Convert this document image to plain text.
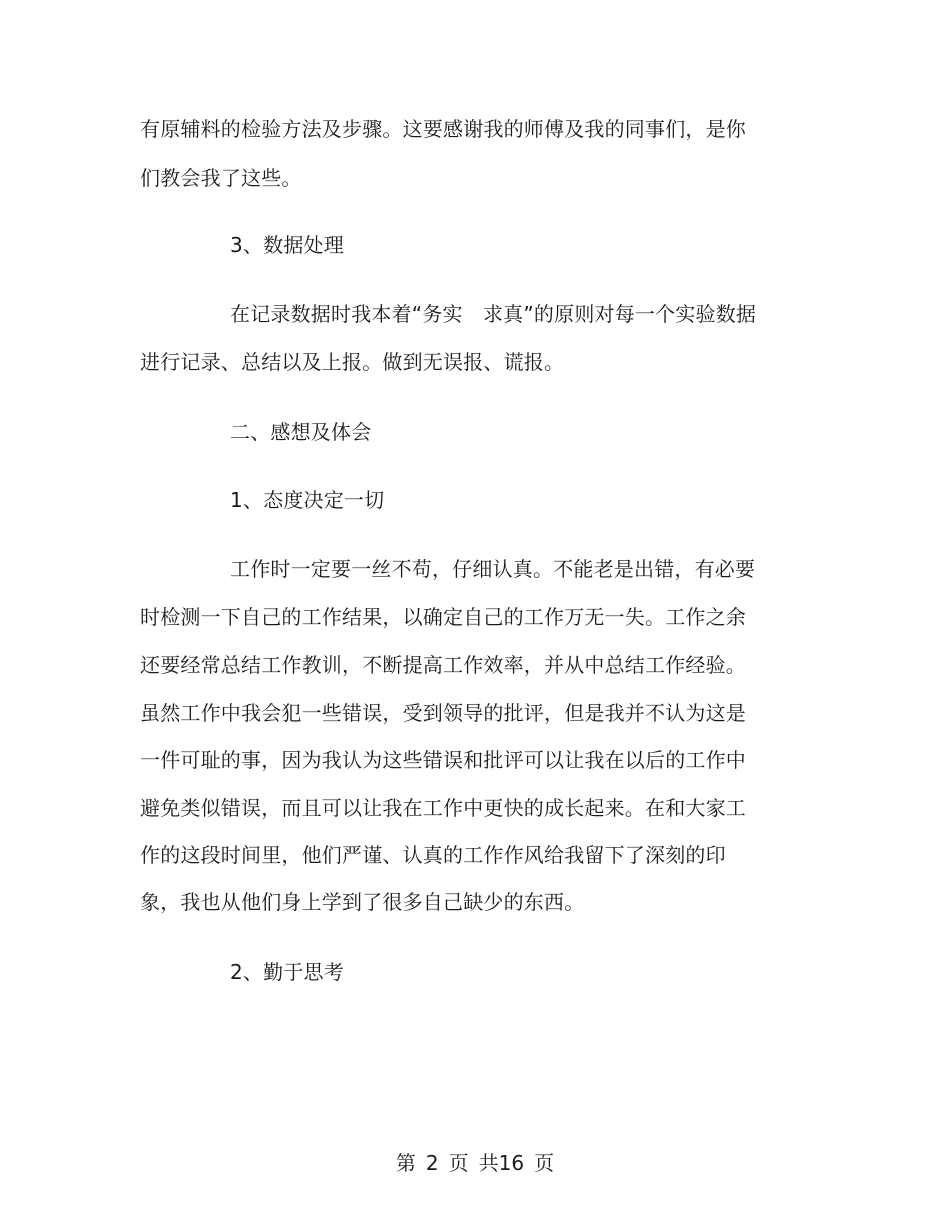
有原辅料的检验方法及步骤。这要感谢我的师傅及我的同事们，是你
们教会我了这些。
3、数据处理
在记录数据时我本着“务实　求真”的原则对每一个实验数据
进行记录、总结以及上报。做到无误报、谎报。
二、感想及体会
1、态度决定一切
工作时一定要一丝不苟，仔细认真。不能老是出错，有必要
时检测一下自己的工作结果，以确定自己的工作万无一失。工作之余
还要经常总结工作教训，不断提高工作效率，并从中总结工作经验。
虽然工作中我会犯一些错误，受到领导的批评，但是我并不认为这是
一件可耻的事，因为我认为这些错误和批评可以让我在以后的工作中
避免类似错误，而且可以让我在工作中更快的成长起来。在和大家工
作的这段时间里，他们严谨、认真的工作作风给我留下了深刻的印
象，我也从他们身上学到了很多自己缺少的东西。
2、勤于思考
第 2 页 共16 页
